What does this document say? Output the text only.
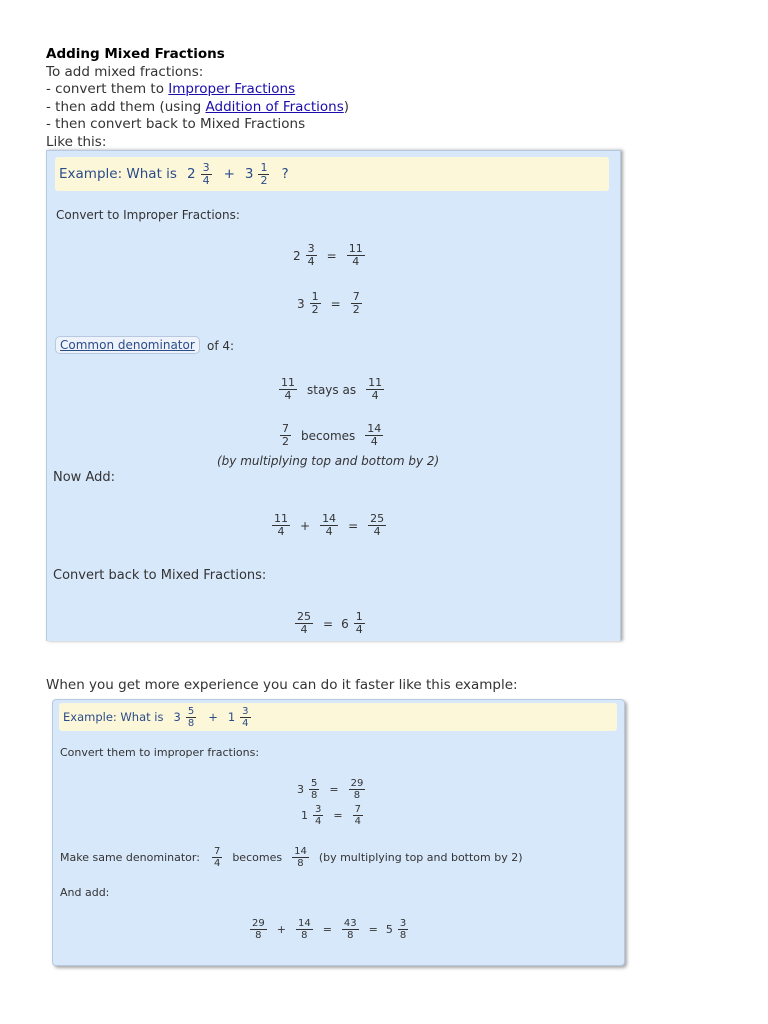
Adding Mixed Fractions
To add mixed fractions:
- convert them to Improper Fractions
- then add them (using Addition of Fractions)
- then convert back to Mixed Fractions
Like this:
Example: What is $2 \frac{3}{4} + 3 \frac{1}{2}$ ?
Convert to Improper Fractions:
$2 \frac{3}{4} = \frac{11}{4}$
$3 \frac{1}{2} = \frac{7}{2}$
Common denominator	of 4:
$\frac{11}{4}$ stays as $\frac{11}{4}$
$\frac{7}{2}$ becomes $\frac{14}{4}$
(by multiplying top and bottom by 2)
Now Add:
$\frac{11}{4} + \frac{14}{4} = \frac{25}{4}$
Convert back to Mixed Fractions:
$\frac{25}{4} = 6 \frac{1}{4}$
When you get more experience you can do it faster like this example:
Example: What is $3 \frac{5}{8} + 1 \frac{3}{4}$
Convert them to improper fractions:
$3 \frac{5}{8} = \frac{29}{8}$
$1 \frac{3}{4} = \frac{7}{4}$
Make same denominator: $\frac{7}{4}$ becomes $\frac{14}{8} (by$ multiplying top and bottom by 2)
And add:
$\frac{29}{8} + \frac{14}{8} = \frac{43}{8} = 5 \frac{3}{8}$
